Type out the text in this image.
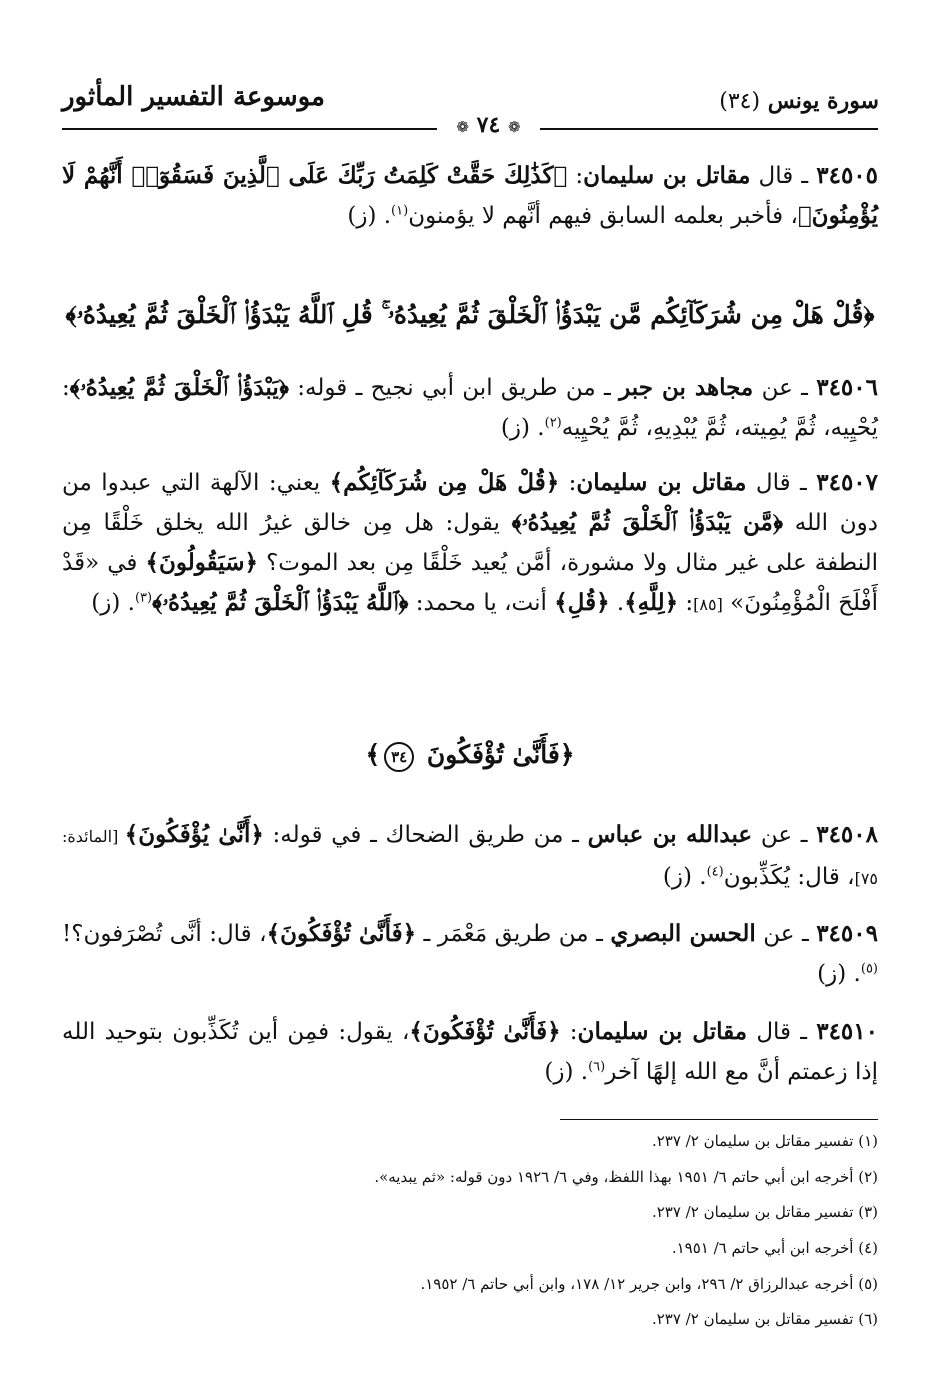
سورة يونس (٣٤)
موسوعة التفسير المأثور
❁ ٧٤ ❁
٣٤٥٠٥ ـ قال مقاتل بن سليمان: ﴿كَذَٰلِكَ حَقَّتْ كَلِمَتُ رَبِّكَ عَلَى ٱلَّذِينَ فَسَقُوٓا۟ أَنَّهُمْ لَا يُؤْمِنُونَ﴾، فأخبر بعلمه السابق فيهم أنَّهم لا يؤمنون$^{(١)}$. (ز)
﴿قُلْ هَلْ مِن شُرَكَآئِكُم مَّن يَبْدَؤُا۟ ٱلْخَلْقَ ثُمَّ يُعِيدُهُۥ ۚ قُلِ ٱللَّهُ يَبْدَؤُا۟ ٱلْخَلْقَ ثُمَّ يُعِيدُهُۥ﴾
٣٤٥٠٦ ـ عن مجاهد بن جبر ـ من طريق ابن أبي نجيح ـ قوله: ﴿يَبْدَؤُا۟ ٱلْخَلْقَ ثُمَّ يُعِيدُهُۥ﴾: يُحْيِيه، ثُمَّ يُمِيته، ثُمَّ يُبْدِيهِ، ثُمَّ يُحْيِيه$^{(٢)}$. (ز)
٣٤٥٠٧ ـ قال مقاتل بن سليمان: ﴿قُلْ هَلْ مِن شُرَكَآئِكُم﴾ يعني: الآلهة التي عبدوا من دون الله ﴿مَّن يَبْدَؤُا۟ ٱلْخَلْقَ ثُمَّ يُعِيدُهُۥ﴾ يقول: هل مِن خالق غيرُ الله يخلق خَلْقًا مِن النطفة على غير مثال ولا مشورة، أمَّن يُعيد خَلْقًا مِن بعد الموت؟ ﴿سَيَقُولُونَ﴾ في «قَدْ أَفْلَحَ الْمُؤْمِنُونَ» [٨٥]: ﴿لِلَّهِ﴾. ﴿قُلِ﴾ أنت، يا محمد: ﴿ٱللَّهُ يَبْدَؤُا۟ ٱلْخَلْقَ ثُمَّ يُعِيدُهُۥ﴾$^{(٣)}$. (ز)
﴿فَأَنَّىٰ تُؤْفَكُونَ ٣٤﴾
٣٤٥٠٨ ـ عن عبدالله بن عباس ـ من طريق الضحاك ـ في قوله: ﴿أَنَّىٰ يُؤْفَكُونَ﴾ [المائدة: ٧٥]، قال: يُكَذِّبون$^{(٤)}$. (ز)
٣٤٥٠٩ ـ عن الحسن البصري ـ من طريق مَعْمَر ـ ﴿فَأَنَّىٰ تُؤْفَكُونَ﴾، قال: أنَّى تُصْرَفون؟!$^{(٥)}$. (ز)
٣٤٥١٠ ـ قال مقاتل بن سليمان: ﴿فَأَنَّىٰ تُؤْفَكُونَ﴾، يقول: فمِن أين تُكَذِّبون بتوحيد الله إذا زعمتم أنَّ مع الله إلهًا آخر$^{(٦)}$. (ز)
(١) تفسير مقاتل بن سليمان ٢/ ٢٣٧.
(٢) أخرجه ابن أبي حاتم ٦/ ١٩٥١ بهذا اللفظ، وفي ٦/ ١٩٢٦ دون قوله: «ثم يبديه».
(٣) تفسير مقاتل بن سليمان ٢/ ٢٣٧.
(٤) أخرجه ابن أبي حاتم ٦/ ١٩٥١.
(٥) أخرجه عبدالرزاق ٢/ ٢٩٦، وابن جرير ١٢/ ١٧٨، وابن أبي حاتم ٦/ ١٩٥٢.
(٦) تفسير مقاتل بن سليمان ٢/ ٢٣٧.
